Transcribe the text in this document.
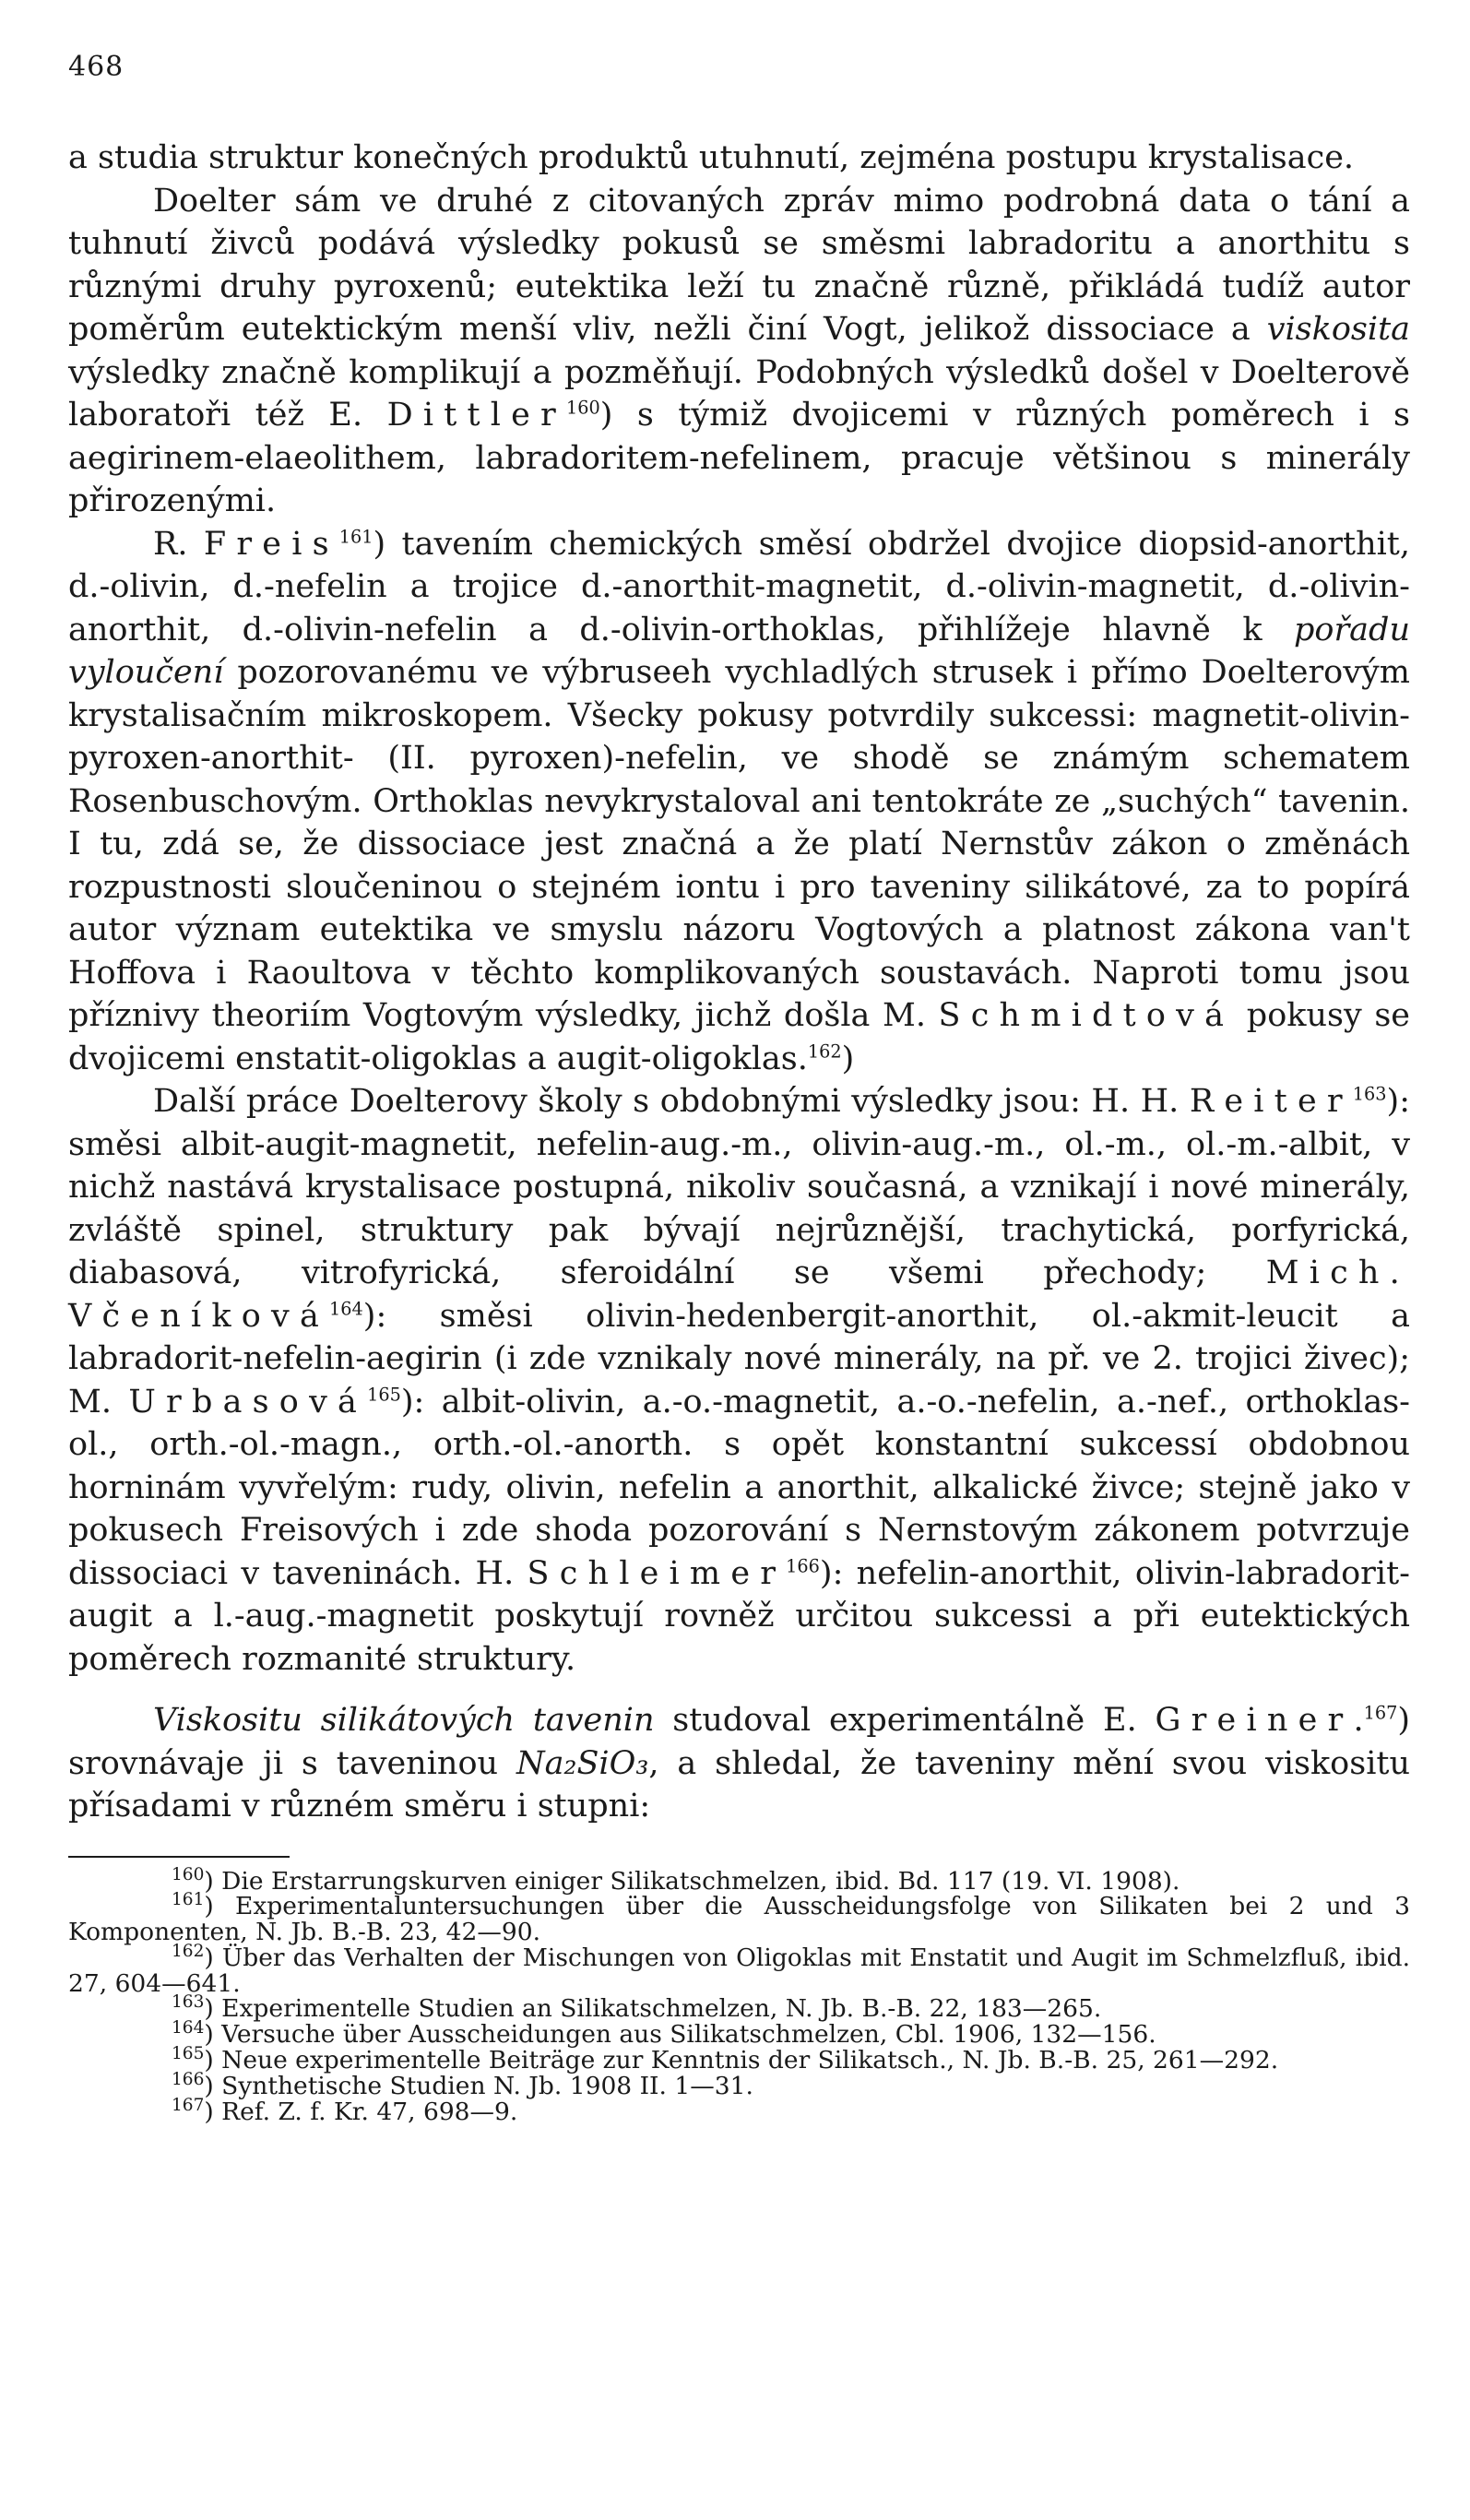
468

a studia struktur konečných produktů utuhnutí, zejména postupu krystalisace.

Doelter sám ve druhé z citovaných zpráv mimo podrobná data o tání a tuhnutí živců podává výsledky pokusů se směsmi labradoritu a anorthitu s různými druhy pyroxenů; eutektika leží tu značně různě, přikládá tudíž autor poměrům eutektickým menší vliv, nežli činí Vogt, jelikož dissociace a viskosita výsledky značně komplikují a pozměňují. Podobných výsledků došel v Doelterově laboratoři též E. Dittler$^{160}$) s týmiž dvojicemi v různých poměrech i s aegirinem-elaeolithem, labradoritem-nefelinem, pracuje většinou s minerály přirozenými.

R. Freis$^{161}$) tavením chemických směsí obdržel dvojice diopsid-anorthit, d.-olivin, d.-nefelin a trojice d.-anorthit-magnetit, d.-olivin-magnetit, d.-olivin-anorthit, d.-olivin-nefelin a d.-olivin-orthoklas, přihlížeje hlavně k pořadu vyloučení pozorovanému ve výbruseeh vychladlých strusek i přímo Doelterovým krystalisačním mikroskopem. Všecky pokusy potvrdily sukcessi: magnetit-olivin-pyroxen-anorthit- (II. pyroxen)-nefelin, ve shodě se známým schematem Rosenbuschovým. Orthoklas nevykrystaloval ani tentokráte ze „suchých“ tavenin. I tu, zdá se, že dissociace jest značná a že platí Nernstův zákon o změnách rozpustnosti sloučeninou o stejném iontu i pro taveniny silikátové, za to popírá autor význam eutektika ve smyslu názoru Vogtových a platnost zákona van't Hoffova i Raoultova v těchto komplikovaných soustavách. Naproti tomu jsou příznivy theoriím Vogtovým výsledky, jichž došla M. Schmidtová pokusy se dvojicemi enstatit-oligoklas a augit-oligoklas.$^{162}$)

Další práce Doelterovy školy s obdobnými výsledky jsou: H. H. Reiter$^{163}$): směsi albit-augit-magnetit, nefelin-aug.-m., olivin-aug.-m., ol.-m., ol.-m.-albit, v nichž nastává krystalisace postupná, nikoliv současná, a vznikají i nové minerály, zvláště spinel, struktury pak bývají nejrůznější, trachytická, porfyrická, diabasová, vitrofyrická, sferoidální se všemi přechody; Mich. Včeníková$^{164}$): směsi olivin-hedenbergit-anorthit, ol.-akmit-leucit a labradorit-nefelin-aegirin (i zde vznikaly nové minerály, na př. ve 2. trojici živec); M. Urbasová$^{165}$): albit-olivin, a.-o.-magnetit, a.-o.-nefelin, a.-nef., orthoklas-ol., orth.-ol.-magn., orth.-ol.-anorth. s opět konstantní sukcessí obdobnou horninám vyvřelým: rudy, olivin, nefelin a anorthit, alkalické živce; stejně jako v pokusech Freisových i zde shoda pozorování s Nernstovým zákonem potvrzuje dissociaci v taveninách. H. Schleimer$^{166}$): nefelin-anorthit, olivin-labradorit-augit a l.-aug.-magnetit poskytují rovněž určitou sukcessi a při eutektických poměrech rozmanité struktury.

Viskositu silikátových tavenin studoval experimentálně E. Greiner.$^{167}$) srovnávaje ji s taveninou Na₂SiO₃, a shledal, že taveniny mění svou viskositu přísadami v různém směru i stupni:

$^{160}$) Die Erstarrungskurven einiger Silikatschmelzen, ibid. Bd. 117 (19. VI. 1908).

$^{161}$) Experimentaluntersuchungen über die Ausscheidungsfolge von Silikaten bei 2 und 3 Komponenten, N. Jb. B.-B. 23, 42—90.

$^{162}$) Über das Verhalten der Mischungen von Oligoklas mit Enstatit und Augit im Schmelzfluß, ibid. 27, 604—641.

$^{163}$) Experimentelle Studien an Silikatschmelzen, N. Jb. B.-B. 22, 183—265.

$^{164}$) Versuche über Ausscheidungen aus Silikatschmelzen, Cbl. 1906, 132—156.

$^{165}$) Neue experimentelle Beiträge zur Kenntnis der Silikatsch., N. Jb. B.-B. 25, 261—292.

$^{166}$) Synthetische Studien N. Jb. 1908 II. 1—31.

$^{167}$) Ref. Z. f. Kr. 47, 698—9.
